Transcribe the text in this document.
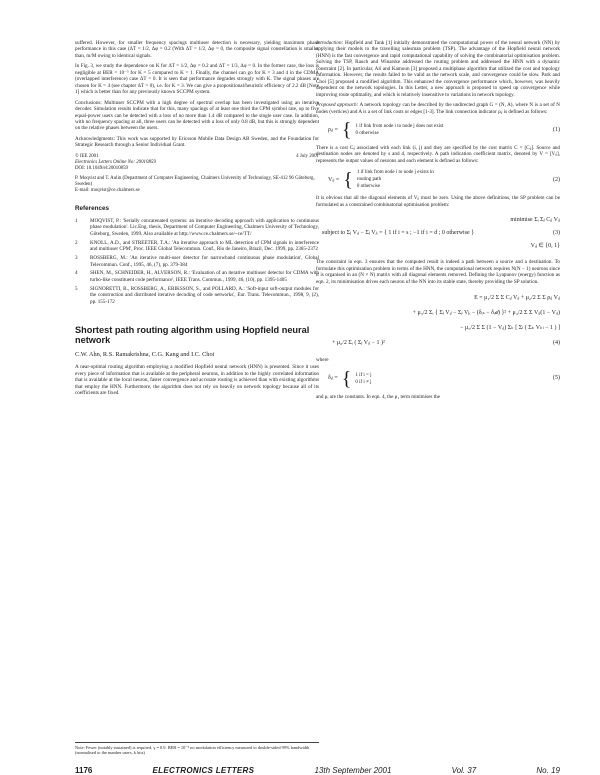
suffered. However, for smaller frequency spacings multiuser detection is necessary, yielding maximum phase performance in this case (ΔT = 1/2, Δφ = 0.2 (With ΔT = 1/2, Δφ = 0, the composite signal constellation is smaller than, m/M owing to identical signals.

In Fig. 3, we study the dependence on K for ΔT = 1/2, Δφ = 0.2 and ΔT = 1/3, Δφ = 0. In the former case, the loss is negligible at BER = 10⁻⁵ for K = 5 compared to K = 1. Finally, the channel can go for K = 3 and 4 in the CDMA (overlapped interference) case ΔT = 0. It is seen that performance degrades strongly with K. The signal phases are chosen for K = 4 (see chapter ΔT = 0), i.e. for K = 3. We can give a propositional/heuristic efficiency of 2.2 dB [Note 1] which is better than for any previously known SCCPM system.

Conclusions: Multiuser SCCPM with a high degree of spectral overlap has been investigated using an iterative decoder. Simulation results indicate that for this, many spacings of at least one third the CPM symbol rate, up to five equal-power users can be detected with a loss of no more than 1.4 dB compared to the single user case. In addition, with no frequency spacing at all, three users can be detected with a loss of only 0.8 dB, but this is strongly dependent on the relative phases between the users.

Acknowledgments: This work was supported by Ericsson Mobile Data Design AB Sweden, and the Foundation for Strategic Research through a Senior Individual Grant.

© IEE 2001	4 July 2001
Electronics Letters Online No: 20010859
DOI: 10.1049/el:20010859
P. Moqvist and T. Aulin (Department of Computer Engineering, Chalmers University of Technology, SE-412 96 Göteborg, Sweden)
E-mail: moqvist@ce.chalmers.se
References
1 MOQVIST, P.: 'Serially concatenated systems: an iterative decoding approach with application to continuous phase modulation'. Lic.Eng. thesis, Department of Computer Engineering, Chalmers University of Technology, Göteborg, Sweden, 1999. Also available at http://www.ce.chalmers.se/~ce/TT/
2 KNOLL, A.D., and STREETER, T.A.: 'An iterative approach to ML detection of CPM signals in interference and multiuser CPM', Proc. IEEE Global Telecommun. Conf., Rio de Janeiro, Brazil, Dec. 1999, pp. 2365-2372
3 ROSSBERG, M.: 'An iterative multi-user detector for narrowband continuous phase modulation', Global Telecommun. Conf., 1995, 46, (7), pp. 379-384
4 SHEN, M., SCHNEIDER, H., ALVERSON, R.: 'Evaluation of an iterative multiuser detector for CDMA with turbo-like constituent code performance', IEEE Trans. Commun., 1999, 46, (10), pp. 1395-1405
5 SIGNORETTI, B., ROSSBERG, A., ERIKSSON, S., and POLLARD, A.: 'Soft-input soft-output modules for the construction and distributed iterative decoding of code networks', Eur. Trans. Telecommun., 1998, 9, (2), pp. 155-172
Shortest path routing algorithm using Hopfield neural network
C.W. Ahn, R.S. Ramakrishna, C.G. Kang and I.C. Choi

A near-optimal routing algorithm employing a modified Hopfield neural network (HNN) is presented. Since it uses every piece of information that is available at the peripheral neurons, in addition to the highly correlated information that is available at the local neuron, faster convergence and accurate routing is achieved than with existing algorithms that employ the HNN. Furthermore, the algorithm does not rely on heavily on network topology because all of its coefficients are fixed.

Note: Fewer (notably sustained) is required, γ = 0.9. BER = 10⁻⁵ no modulation efficiency measured to double-sided 99% bandwidth (normalised to the number users, k bits)

Introduction: Hopfield and Tank [1] initially demonstrated the computational power of the neural network (NN) by applying their models to the travelling salesman problem (TSP). The advantage of the Hopfield neural network (HNN) is the fast convergence and rapid computational capability of solving the combinatorial optimisation problem. Solving the TSP, Rauch and Winarske addressed the routing problem and addressed the HNN with a dynamic constraint [2]. In particular, Ali and Kamoun [3] proposed a multiphase algorithm that utilized the cost and topology information. However, the results failed to be valid as the network scale, and convergence could be slow. Park and Choi [5] proposed a modified algorithm. This enhanced the convergence performance which, however, was heavily dependent on the network topologies. In this Letter, a new approach is proposed to speed up convergence while improving route optimality, and which is relatively insensitive to variations in network topology.

Proposed approach: A network topology can be described by the undirected graph G = (N, A), where N is a set of N nodes (vertices) and A is a set of link costs or edges [1-3]. The link connection indicator ρᵢⱼ is defined as follows:

ρᵢⱼ = { 1 if link from node i to node j does not exist
0 otherwise
(1)

There is a cost Cᵢⱼ associated with each link (i, j) and they are specified by the cost matrix C = [Cᵢⱼ]. Source and destination nodes are denoted by s and d, respectively. A path indication coefficient matrix, denoted by V = [Vᵢⱼ], represents the output values of neurons and each element is defined as follows:

Vᵢⱼ = { 1 if link from node i to node j exists in
routing path
0 otherwise
(2)

It is obvious that all the diagonal elements of Vᵢⱼ must be zero. Using the above definitions, the SP problem can be formulated as a constrained combinatorial optimisation problem:

minimise Σᵢ Σⱼ Cᵢⱼ Vᵢⱼ
subject to Σⱼ Vᵢⱼ − Σⱼ Vⱼᵢ = { 1 if i = s ; −1 if i = d ; 0 otherwise }	(3)
Vᵢⱼ ∈ {0, 1}

The constraint in eqn. 3 ensures that the computed result is indeed a path between a source and a destination. To formulate this optimisation problem in terms of the HNN, the computational network requires N(N − 1) neurons since it is organised in an (N × N) matrix with all diagonal elements removed. Defining the Lyapunov (energy) function as eqn. 2, its minimisation drives each neuron of the NN into its stable state, thereby providing the SP solution.

E = μ₁/2 Σ Σ Cᵢⱼ Vᵢⱼ + μ₂/2 Σ Σ ρᵢⱼ Vᵢⱼ
+ μ₃/2 Σᵢ { Σⱼ Vᵢⱼ − Σⱼ Vⱼᵢ − (δᵢₛ − δᵢ𝒹) }² + μ₄/2 Σ Σ Vᵢⱼ(1 − Vᵢⱼ)
− μ₅/2 Σ Σ (1 − Vᵢⱼ) Σₖ [ Σₗ ( Σₖ Vₖₗ − 1 ) ]
+ μ₆/2 Σᵢ ( Σⱼ Vᵢⱼ − 1 )²	(4)

where

δᵢⱼ = { 1 if i = j
0 if i ≠ j
(5)

and μᵢ are the constants. In eqn. 4, the μ₁ term minimises the

1176	ELECTRONICS LETTERS	13th September 2001	Vol. 37	No. 19
